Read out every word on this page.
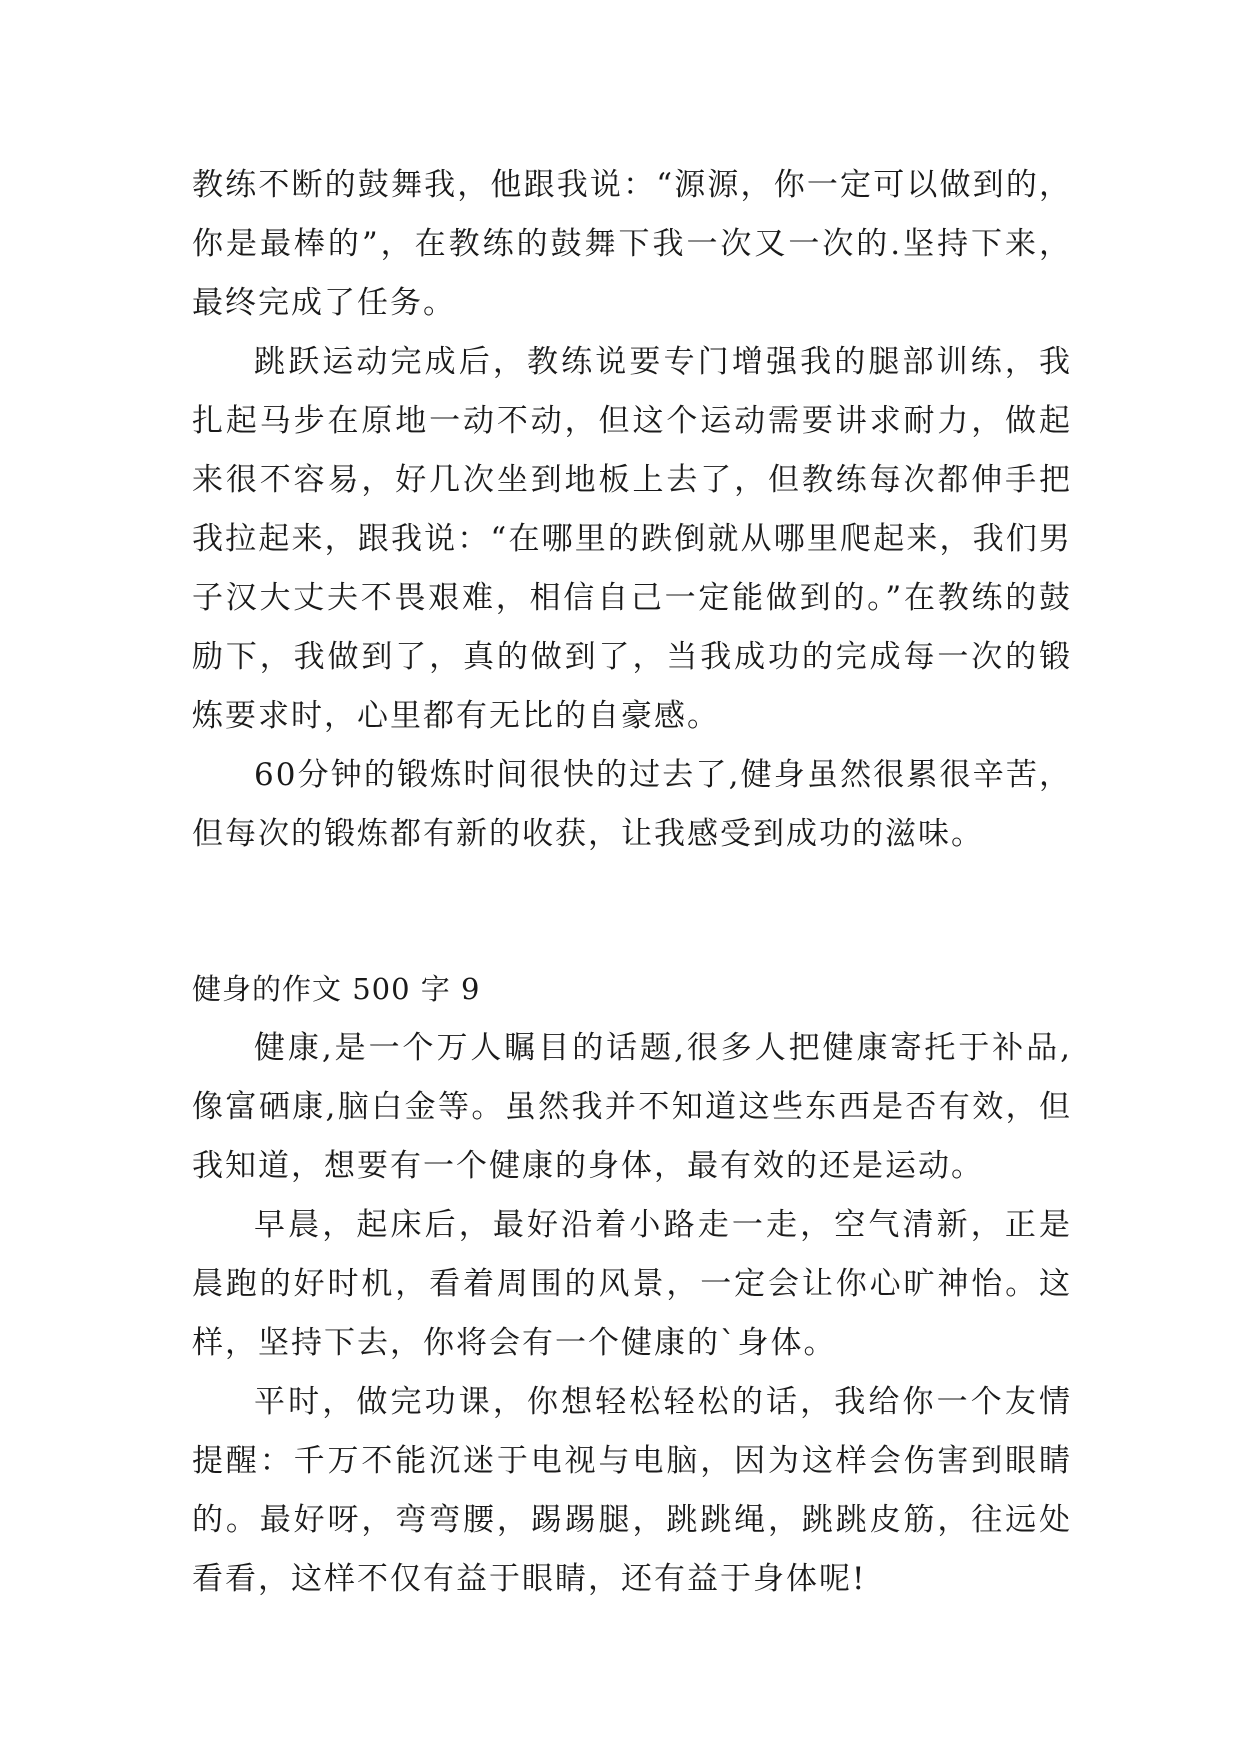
教练不断的鼓舞我，他跟我说：“源源，你一定可以做到的，你是最棒的”，在教练的鼓舞下我一次又一次的.坚持下来，最终完成了任务。

跳跃运动完成后，教练说要专门增强我的腿部训练，我扎起马步在原地一动不动，但这个运动需要讲求耐力，做起来很不容易，好几次坐到地板上去了，但教练每次都伸手把我拉起来，跟我说：“在哪里的跌倒就从哪里爬起来，我们男子汉大丈夫不畏艰难，相信自己一定能做到的。”在教练的鼓励下，我做到了，真的做到了，当我成功的完成每一次的锻炼要求时，心里都有无比的自豪感。

60分钟的锻炼时间很快的过去了,健身虽然很累很辛苦，但每次的锻炼都有新的收获，让我感受到成功的滋味。

健身的作文 500 字 9

健康,是一个万人瞩目的话题,很多人把健康寄托于补品,像富硒康,脑白金等。虽然我并不知道这些东西是否有效，但我知道，想要有一个健康的身体，最有效的还是运动。

早晨，起床后，最好沿着小路走一走，空气清新，正是晨跑的好时机，看着周围的风景，一定会让你心旷神怡。这样，坚持下去，你将会有一个健康的`身体。

平时，做完功课，你想轻松轻松的话，我给你一个友情提醒：千万不能沉迷于电视与电脑，因为这样会伤害到眼睛的。最好呀，弯弯腰，踢踢腿，跳跳绳，跳跳皮筋，往远处看看，这样不仅有益于眼睛，还有益于身体呢!
